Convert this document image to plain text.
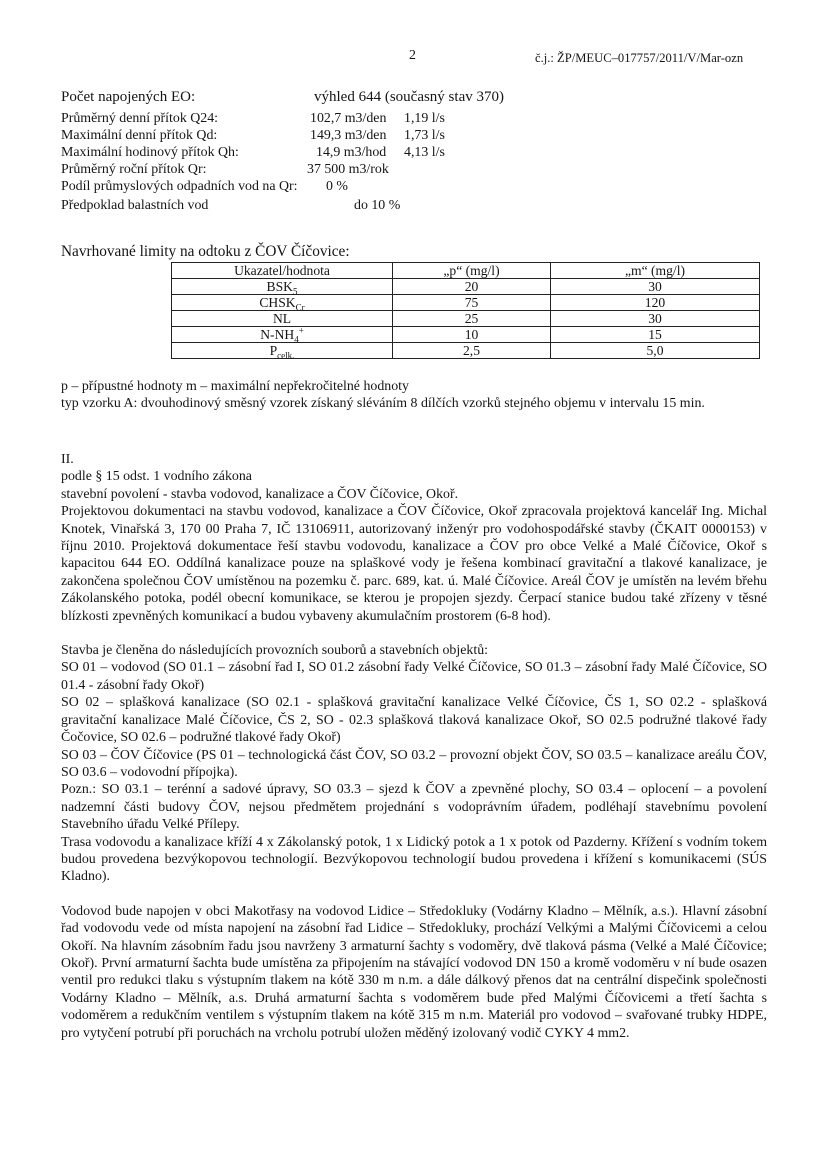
2	č.j.: ŽP/MEUC–017757/2011/V/Mar-ozn
Počet napojených EO:	výhled 644 (současný stav 370)
Průměrný denní přítok Q24:	102,7 m3/den 1,19 l/s
Maximální denní přítok Qd:	149,3 m3/den 1,73 l/s
Maximální hodinový přítok Qh:	14,9 m3/hod 4,13 l/s
Průměrný roční přítok Qr:	37 500 m3/rok
Podíl průmyslových odpadních vod na Qr: 0 %
Předpoklad balastních vod	do 10 %
Navrhované limity na odtoku z ČOV Číčovice:
Ukazatel/hodnota	„p“ (mg/l)	„m“ (mg/l)
$BSK_5$	20	30
$CHSK_{Cr}$	75	120
NL	25	30
$N-NH_4^+$	10	15
$P_{celk.}$	2,5	5,0

p – přípustné hodnoty m – maximální nepřekročitelné hodnoty

typ vzorku A: dvouhodinový směsný vzorek získaný sléváním 8 dílčích vzorků stejného objemu v intervalu 15 min.

II.

podle § 15 odst. 1 vodního zákona

stavební povolení - stavba vodovod, kanalizace a ČOV Číčovice, Okoř.

Projektovou dokumentaci na stavbu vodovod, kanalizace a ČOV Číčovice, Okoř zpracovala projektová kancelář Ing. Michal Knotek, Vinařská 3, 170 00 Praha 7, IČ 13106911, autorizovaný inženýr pro vodohospodářské stavby (ČKAIT 0000153) v říjnu 2010. Projektová dokumentace řeší stavbu vodovodu, kanalizace a ČOV pro obce Velké a Malé Číčovice, Okoř s kapacitou 644 EO. Oddílná kanalizace pouze na splaškové vody je řešena kombinací gravitační a tlakové kanalizace, je zakončena společnou ČOV umístěnou na pozemku č. parc. 689, kat. ú. Malé Číčovice. Areál ČOV je umístěn na levém břehu Zákolanského potoka, podél obecní komunikace, se kterou je propojen sjezdy. Čerpací stanice budou také zřízeny v těsné blízkosti zpevněných komunikací a budou vybaveny akumulačním prostorem (6-8 hod).

Stavba je členěna do následujících provozních souborů a stavebních objektů:

SO 01 – vodovod (SO 01.1 – zásobní řad I, SO 01.2 zásobní řady Velké Číčovice, SO 01.3 – zásobní řady Malé Číčovice, SO 01.4 - zásobní řady Okoř)

SO 02 – splašková kanalizace (SO 02.1 - splašková gravitační kanalizace Velké Číčovice, ČS 1, SO 02.2 - splašková gravitační kanalizace Malé Číčovice, ČS 2, SO - 02.3 splašková tlaková kanalizace Okoř, SO 02.5 podružné tlakové řady Čočovice, SO 02.6 – podružné tlakové řady Okoř)

SO 03 – ČOV Číčovice (PS 01 – technologická část ČOV, SO 03.2 – provozní objekt ČOV, SO 03.5 – kanalizace areálu ČOV, SO 03.6 – vodovodní přípojka).

Pozn.: SO 03.1 – terénní a sadové úpravy, SO 03.3 – sjezd k ČOV a zpevněné plochy, SO 03.4 – oplocení – a povolení nadzemní části budovy ČOV, nejsou předmětem projednání s vodoprávním úřadem, podléhají stavebnímu povolení Stavebního úřadu Velké Přílepy.

Trasa vodovodu a kanalizace kříží 4 x Zákolanský potok, 1 x Lidický potok a 1 x potok od Pazderny. Křížení s vodním tokem budou provedena bezvýkopovou technologií. Bezvýkopovou technologií budou provedena i křížení s komunikacemi (SÚS Kladno).

Vodovod bude napojen v obci Makotřasy na vodovod Lidice – Středokluky (Vodárny Kladno – Mělník, a.s.). Hlavní zásobní řad vodovodu vede od místa napojení na zásobní řad Lidice – Středokluky, prochází Velkými a Malými Číčovicemi a celou Okoří. Na hlavním zásobním řadu jsou navrženy 3 armaturní šachty s vodoměry, dvě tlaková pásma (Velké a Malé Číčovice; Okoř). První armaturní šachta bude umístěna za připojením na stávající vodovod DN 150 a kromě vodoměru v ní bude osazen ventil pro redukci tlaku s výstupním tlakem na kótě 330 m n.m. a dále dálkový přenos dat na centrální dispečink společnosti Vodárny Kladno – Mělník, a.s. Druhá armaturní šachta s vodoměrem bude před Malými Číčovicemi a třetí šachta s vodoměrem a redukčním ventilem s výstupním tlakem na kótě 315 m n.m. Materiál pro vodovod – svařované trubky HDPE, pro vytyčení potrubí při poruchách na vrcholu potrubí uložen měděný izolovaný vodič CYKY 4 mm2.
